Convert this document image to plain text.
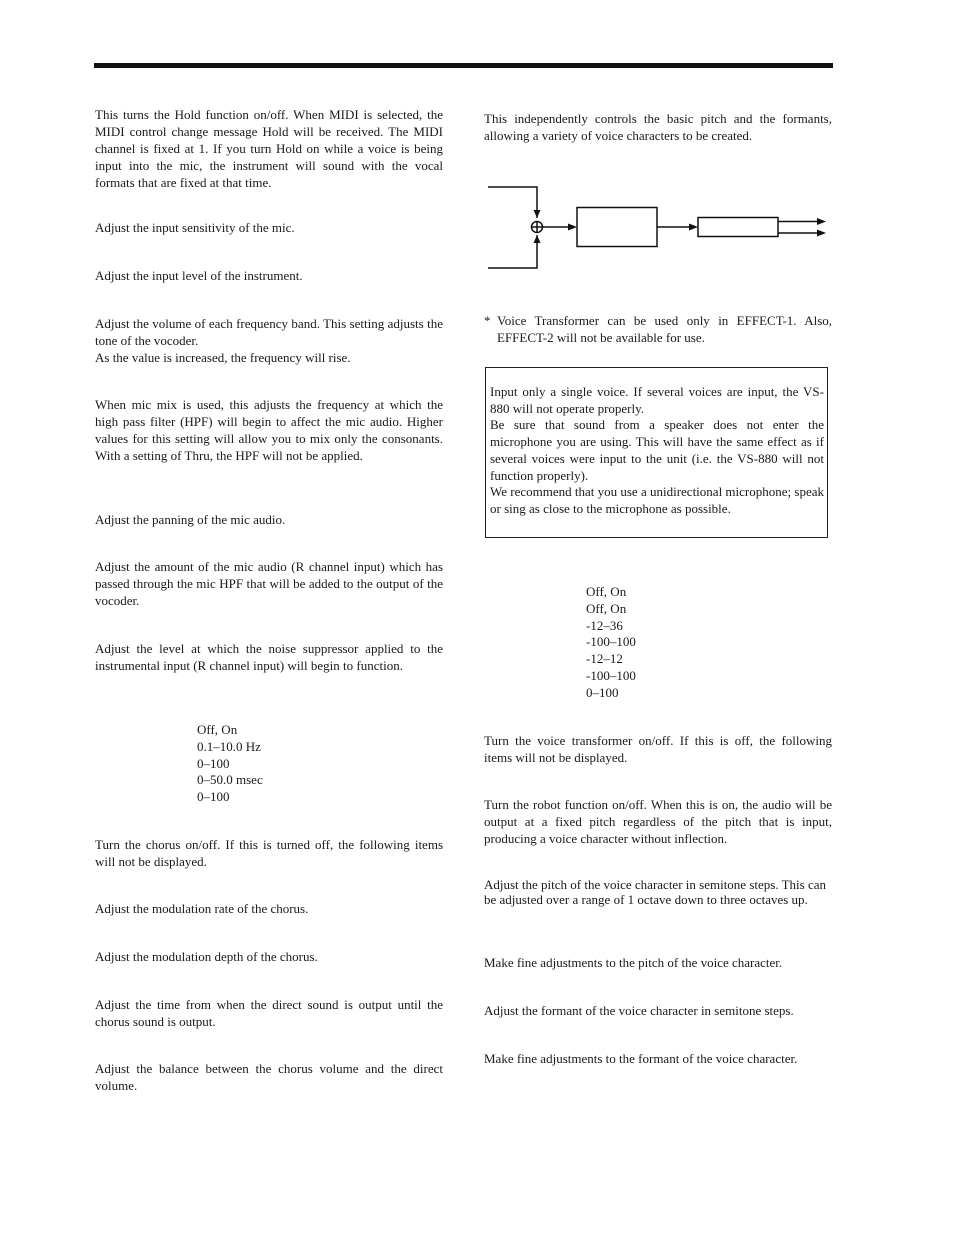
This turns the Hold function on/off. When MIDI is selected, the MIDI control change message Hold will be received. The MIDI channel is fixed at 1. If you turn Hold on while a voice is being input into the mic, the instrument will sound with the vocal formats that are fixed at that time.

Adjust the input sensitivity of the mic.

Adjust the input level of the instrument.

Adjust the volume of each frequency band. This setting adjusts the tone of the vocoder.

As the value is increased, the frequency will rise.

When mic mix is used, this adjusts the frequency at which the high pass filter (HPF) will begin to affect the mic audio. Higher values for this setting will allow you to mix only the consonants. With a setting of Thru, the HPF will not be applied.

Adjust the panning of the mic audio.

Adjust the amount of the mic audio (R channel input) which has passed through the mic HPF that will be added to the output of the vocoder.

Adjust the level at which the noise suppressor applied to the instrumental input (R channel input) will begin to function.

Off, On
0.1–10.0 Hz
0–100
0–50.0 msec
0–100

Turn the chorus on/off. If this is turned off, the following items will not be displayed.

Adjust the modulation rate of the chorus.

Adjust the modulation depth of the chorus.

Adjust the time from when the direct sound is output until the chorus sound is output.

Adjust the balance between the chorus volume and the direct volume.

This independently controls the basic pitch and the formants, allowing a variety of voice characters to be created.

* Voice Transformer can be used only in EFFECT-1. Also, EFFECT-2 will not be available for use.

Input only a single voice. If several voices are input, the VS-880 will not operate properly.

Be sure that sound from a speaker does not enter the microphone you are using. This will have the same effect as if several voices were input to the unit (i.e. the VS-880 will not function properly).

We recommend that you use a unidirectional microphone; speak or sing as close to the microphone as possible.

Off, On
Off, On
-12–36
-100–100
-12–12
-100–100
0–100

Turn the voice transformer on/off. If this is off, the following items will not be displayed.

Turn the robot function on/off. When this is on, the audio will be output at a fixed pitch regardless of the pitch that is input, producing a voice character without inflection.

Adjust the pitch of the voice character in semitone steps. This can be adjusted over a range of 1 octave down to three octaves up.

Make fine adjustments to the pitch of the voice character.

Adjust the formant of the voice character in semitone steps.

Make fine adjustments to the formant of the voice character.
